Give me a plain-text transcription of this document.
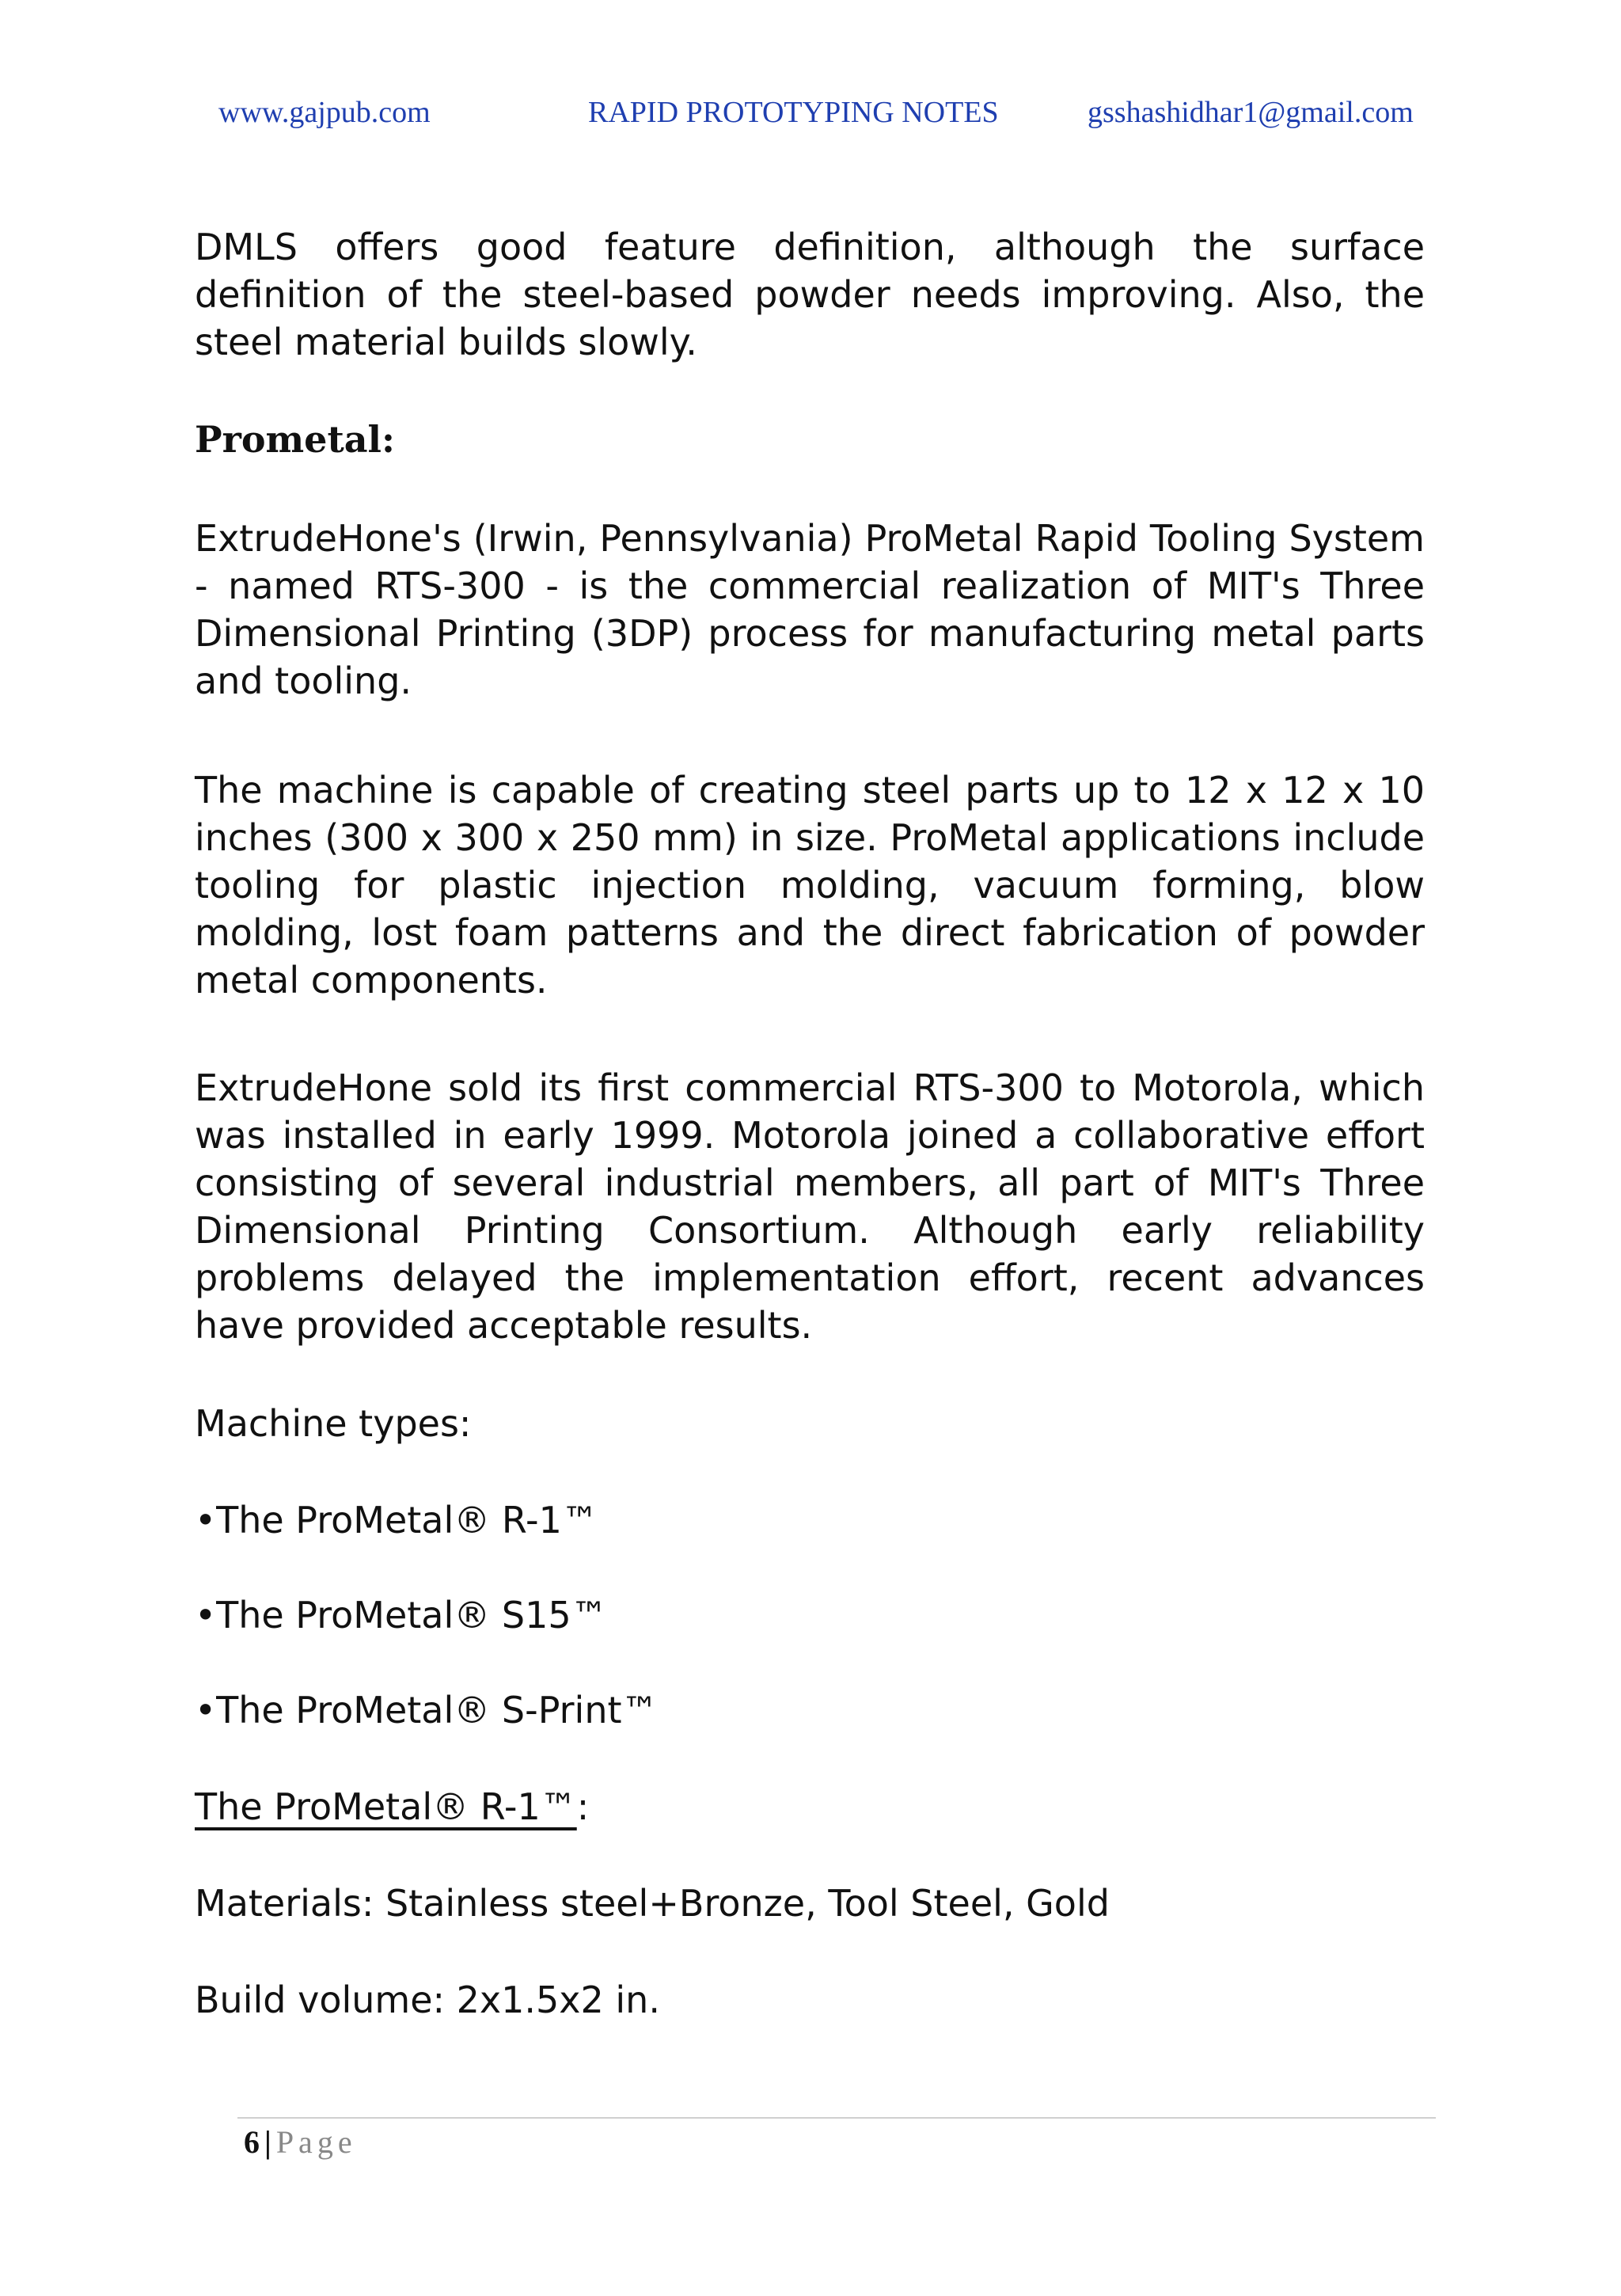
www.gajpub.com	RAPID PROTOTYPING NOTES	gsshashidhar1@gmail.com
DMLS offers good feature definition, although the surface definition of the steel-based powder needs improving. Also, the steel material builds slowly.
Prometal:
ExtrudeHone's (Irwin, Pennsylvania) ProMetal Rapid Tooling System - named RTS-300 - is the commercial realization of MIT's Three Dimensional Printing (3DP) process for manufacturing metal parts and tooling.
The machine is capable of creating steel parts up to 12 x 12 x 10 inches (300 x 300 x 250 mm) in size. ProMetal applications include tooling for plastic injection molding, vacuum forming, blow molding, lost foam patterns and the direct fabrication of powder metal components.
ExtrudeHone sold its first commercial RTS-300 to Motorola, which was installed in early 1999. Motorola joined a collaborative effort consisting of several industrial members, all part of MIT's Three Dimensional Printing Consortium. Although early reliability problems delayed the implementation effort, recent advances have provided acceptable results.
Machine types:
•The ProMetal® R-1™
•The ProMetal® S15™
•The ProMetal® S-Print™
The ProMetal® R-1™:
Materials: Stainless steel+Bronze, Tool Steel, Gold
Build volume: 2x1.5x2 in.
6 | Page
